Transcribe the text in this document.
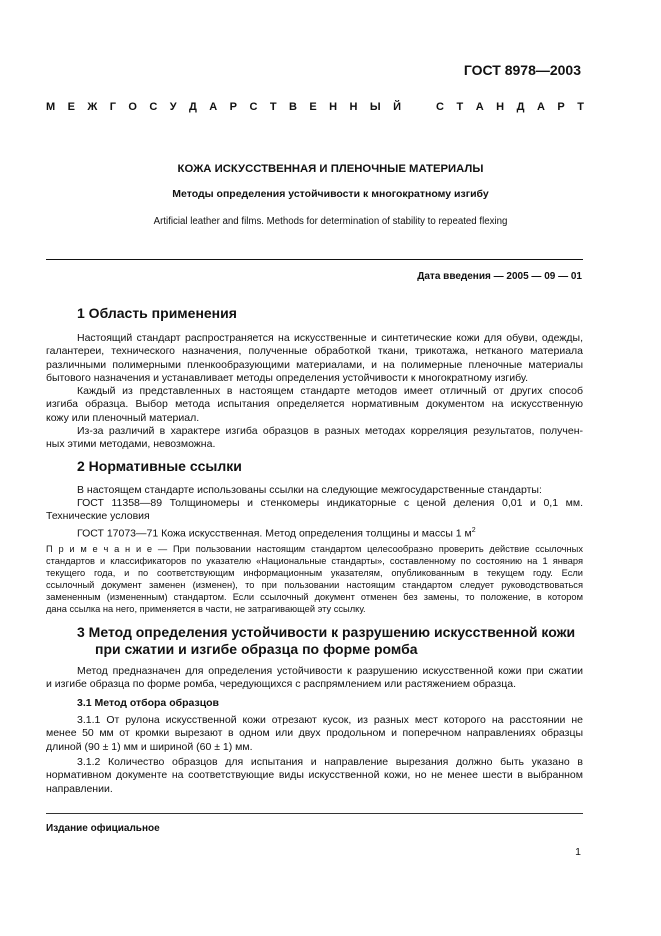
ГОСТ 8978—2003
М Е Ж Г О С У Д А Р С Т В Е Н Н Ы Й	С Т А Н Д А Р Т
КОЖА ИСКУССТВЕННАЯ И ПЛЕНОЧНЫЕ МАТЕРИАЛЫ
Методы определения устойчивости к многократному изгибу
Artificial leather and films. Methods for determination of stability to repeated flexing
Дата введения — 2005 — 09 — 01
1 Область применения
Настоящий стандарт распространяется на искусственные и синтетические кожи для обуви, одежды,
галантереи, технического назначения, полученные обработкой ткани, трикотажа, нетканого материала
различными полимерными пленкообразующими материалами, и на полимерные пленочные материалы
бытового назначения и устанавливает методы определения устойчивости к многократному изгибу.
Каждый из представленных в настоящем стандарте методов имеет отличный от других способ
изгиба образца. Выбор метода испытания определяется нормативным документом на искусственную
кожу или пленочный материал.
Из-за различий в характере изгиба образцов в разных методах корреляция результатов, получен-
ных этими методами, невозможна.
2 Нормативные ссылки
В настоящем стандарте использованы ссылки на следующие межгосударственные стандарты:
ГОСТ 11358—89 Толщиномеры и стенкомеры индикаторные с ценой деления 0,01 и 0,1 мм.
Технические условия
ГОСТ 17073—71 Кожа искусственная. Метод определения толщины и массы 1 $м^2$
П р и м е ч а н и е — При пользовании настоящим стандартом целесообразно проверить действие ссылочных
стандартов и классификаторов по указателю «Национальные стандарты», составленному по состоянию на 1 января
текущего года, и по соответствующим информационным указателям, опубликованным в текущем году. Если
ссылочный документ заменен (изменен), то при пользовании настоящим стандартом следует руководствоваться
замененным (измененным) стандартом. Если ссылочный документ отменен без замены, то положение, в котором
дана ссылка на него, применяется в части, не затрагивающей эту ссылку.
3 Метод определения устойчивости к разрушению искусственной кожи
при сжатии и изгибе образца по форме ромба
Метод предназначен для определения устойчивости к разрушению искусственной кожи при сжатии
и изгибе образца по форме ромба, чередующихся с распрямлением или растяжением образца.
3.1 Метод отбора образцов
3.1.1 От рулона искусственной кожи отрезают кусок, из разных мест которого на расстоянии не
менее 50 мм от кромки вырезают в одном или двух продольном и поперечном направлениях образцы
длиной (90 ± 1) мм и шириной (60 ± 1) мм.
3.1.2 Количество образцов для испытания и направление вырезания должно быть указано в
нормативном документе на соответствующие виды искусственной кожи, но не менее шести в выбранном
направлении.
Издание официальное
1
